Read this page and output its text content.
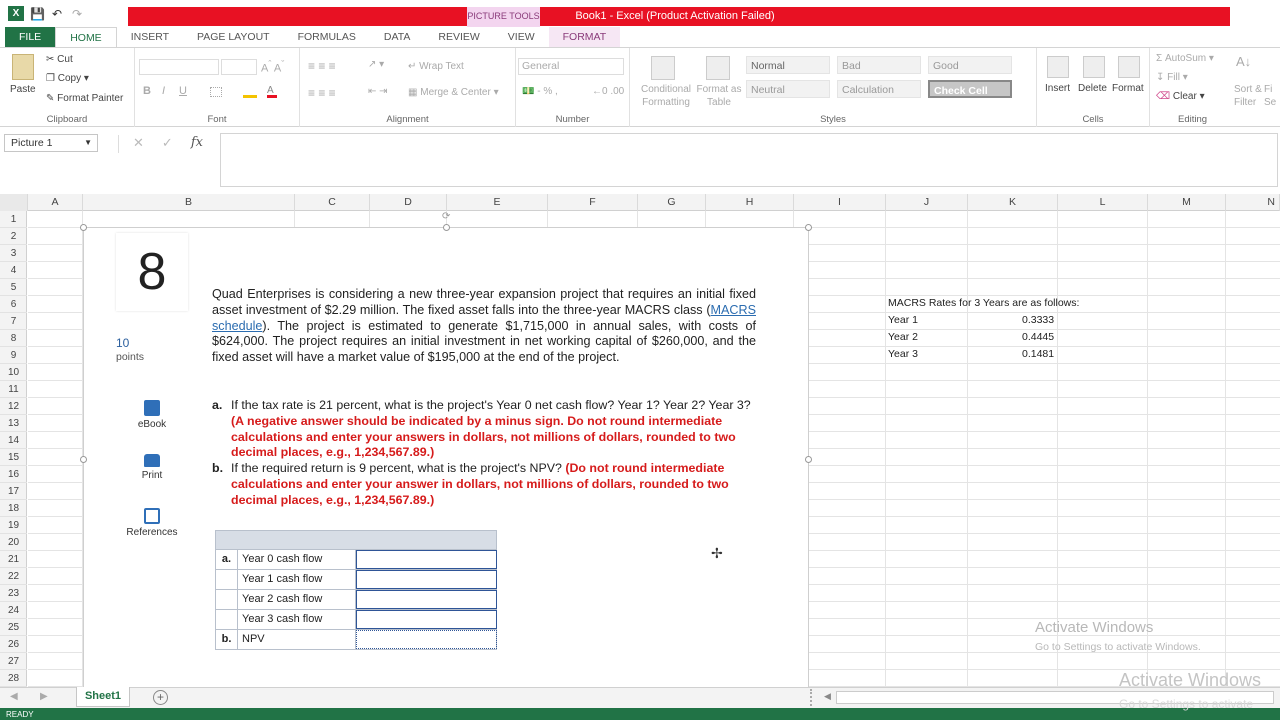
X 💾 ↶ ↷	PICTURE TOOLS	Book1 - Excel (Product Activation Failed)	? —
FILE	HOME	INSERT	PAGE LAYOUT	FORMULAS	DATA	REVIEW	VIEW	FORMAT
Paste
✂ Cut
❐ Copy ▾
✎ Format Painter
Clipboard
$A^ˆ$ $A^ˇ$
B I U	A
Font
≡ ≡ ≡	↗ ▾
≡ ≡ ≡	⇤ ⇥
↵ Wrap Text
▦ Merge & Center ▾
Alignment
General
💵 - % ,	←0 .00
Number
Conditional Formatting
Format as Table
Normal	Bad	Good
Neutral	Calculation	Check Cell
Styles
Insert Delete Format
Cells
Σ AutoSum ▾
↧ Fill ▾
⌫ Clear ▾
A↓
Sort & Filter
Fi Se
Editing
Picture 1	▼	✕ ✓ fx
A	B	C	D	E	F	G	H	I	J	K	L	M	N
1
2
3
4
5
6
7
8
9
10
11
12
13
14
15
16
17
18
19
20
21
22
23
24
25
26
27
28
MACRS Rates for 3 Years are as follows:
Year 1	0.3333
Year 2	0.4445
Year 3	0.1481
⟳
8
10
points
eBook
Print
References
Quad Enterprises is considering a new three-year expansion project that requires an initial fixed asset investment of $2.29 million. The fixed asset falls into the three-year MACRS class (MACRS schedule). The project is estimated to generate $1,715,000 in annual sales, with costs of $624,000. The project requires an initial investment in net working capital of $260,000, and the fixed asset will have a market value of $195,000 at the end of the project.
a. If the tax rate is 21 percent, what is the project's Year 0 net cash flow? Year 1? Year 2? Year 3? (A negative answer should be indicated by a minus sign. Do not round intermediate calculations and enter your answers in dollars, not millions of dollars, rounded to two decimal places, e.g., 1,234,567.89.)
b. If the required return is 9 percent, what is the project's NPV? (Do not round intermediate calculations and enter your answer in dollars, not millions of dollars, rounded to two decimal places, e.g., 1,234,567.89.)
a. Year 0 cash flow
Year 1 cash flow
Year 2 cash flow
Year 3 cash flow
b. NPV
✢
Activate Windows
Go to Settings to activate Windows.
◀ ▶	◀
Sheet1	+
Activate Windows
READY
Go to Settings to activate
